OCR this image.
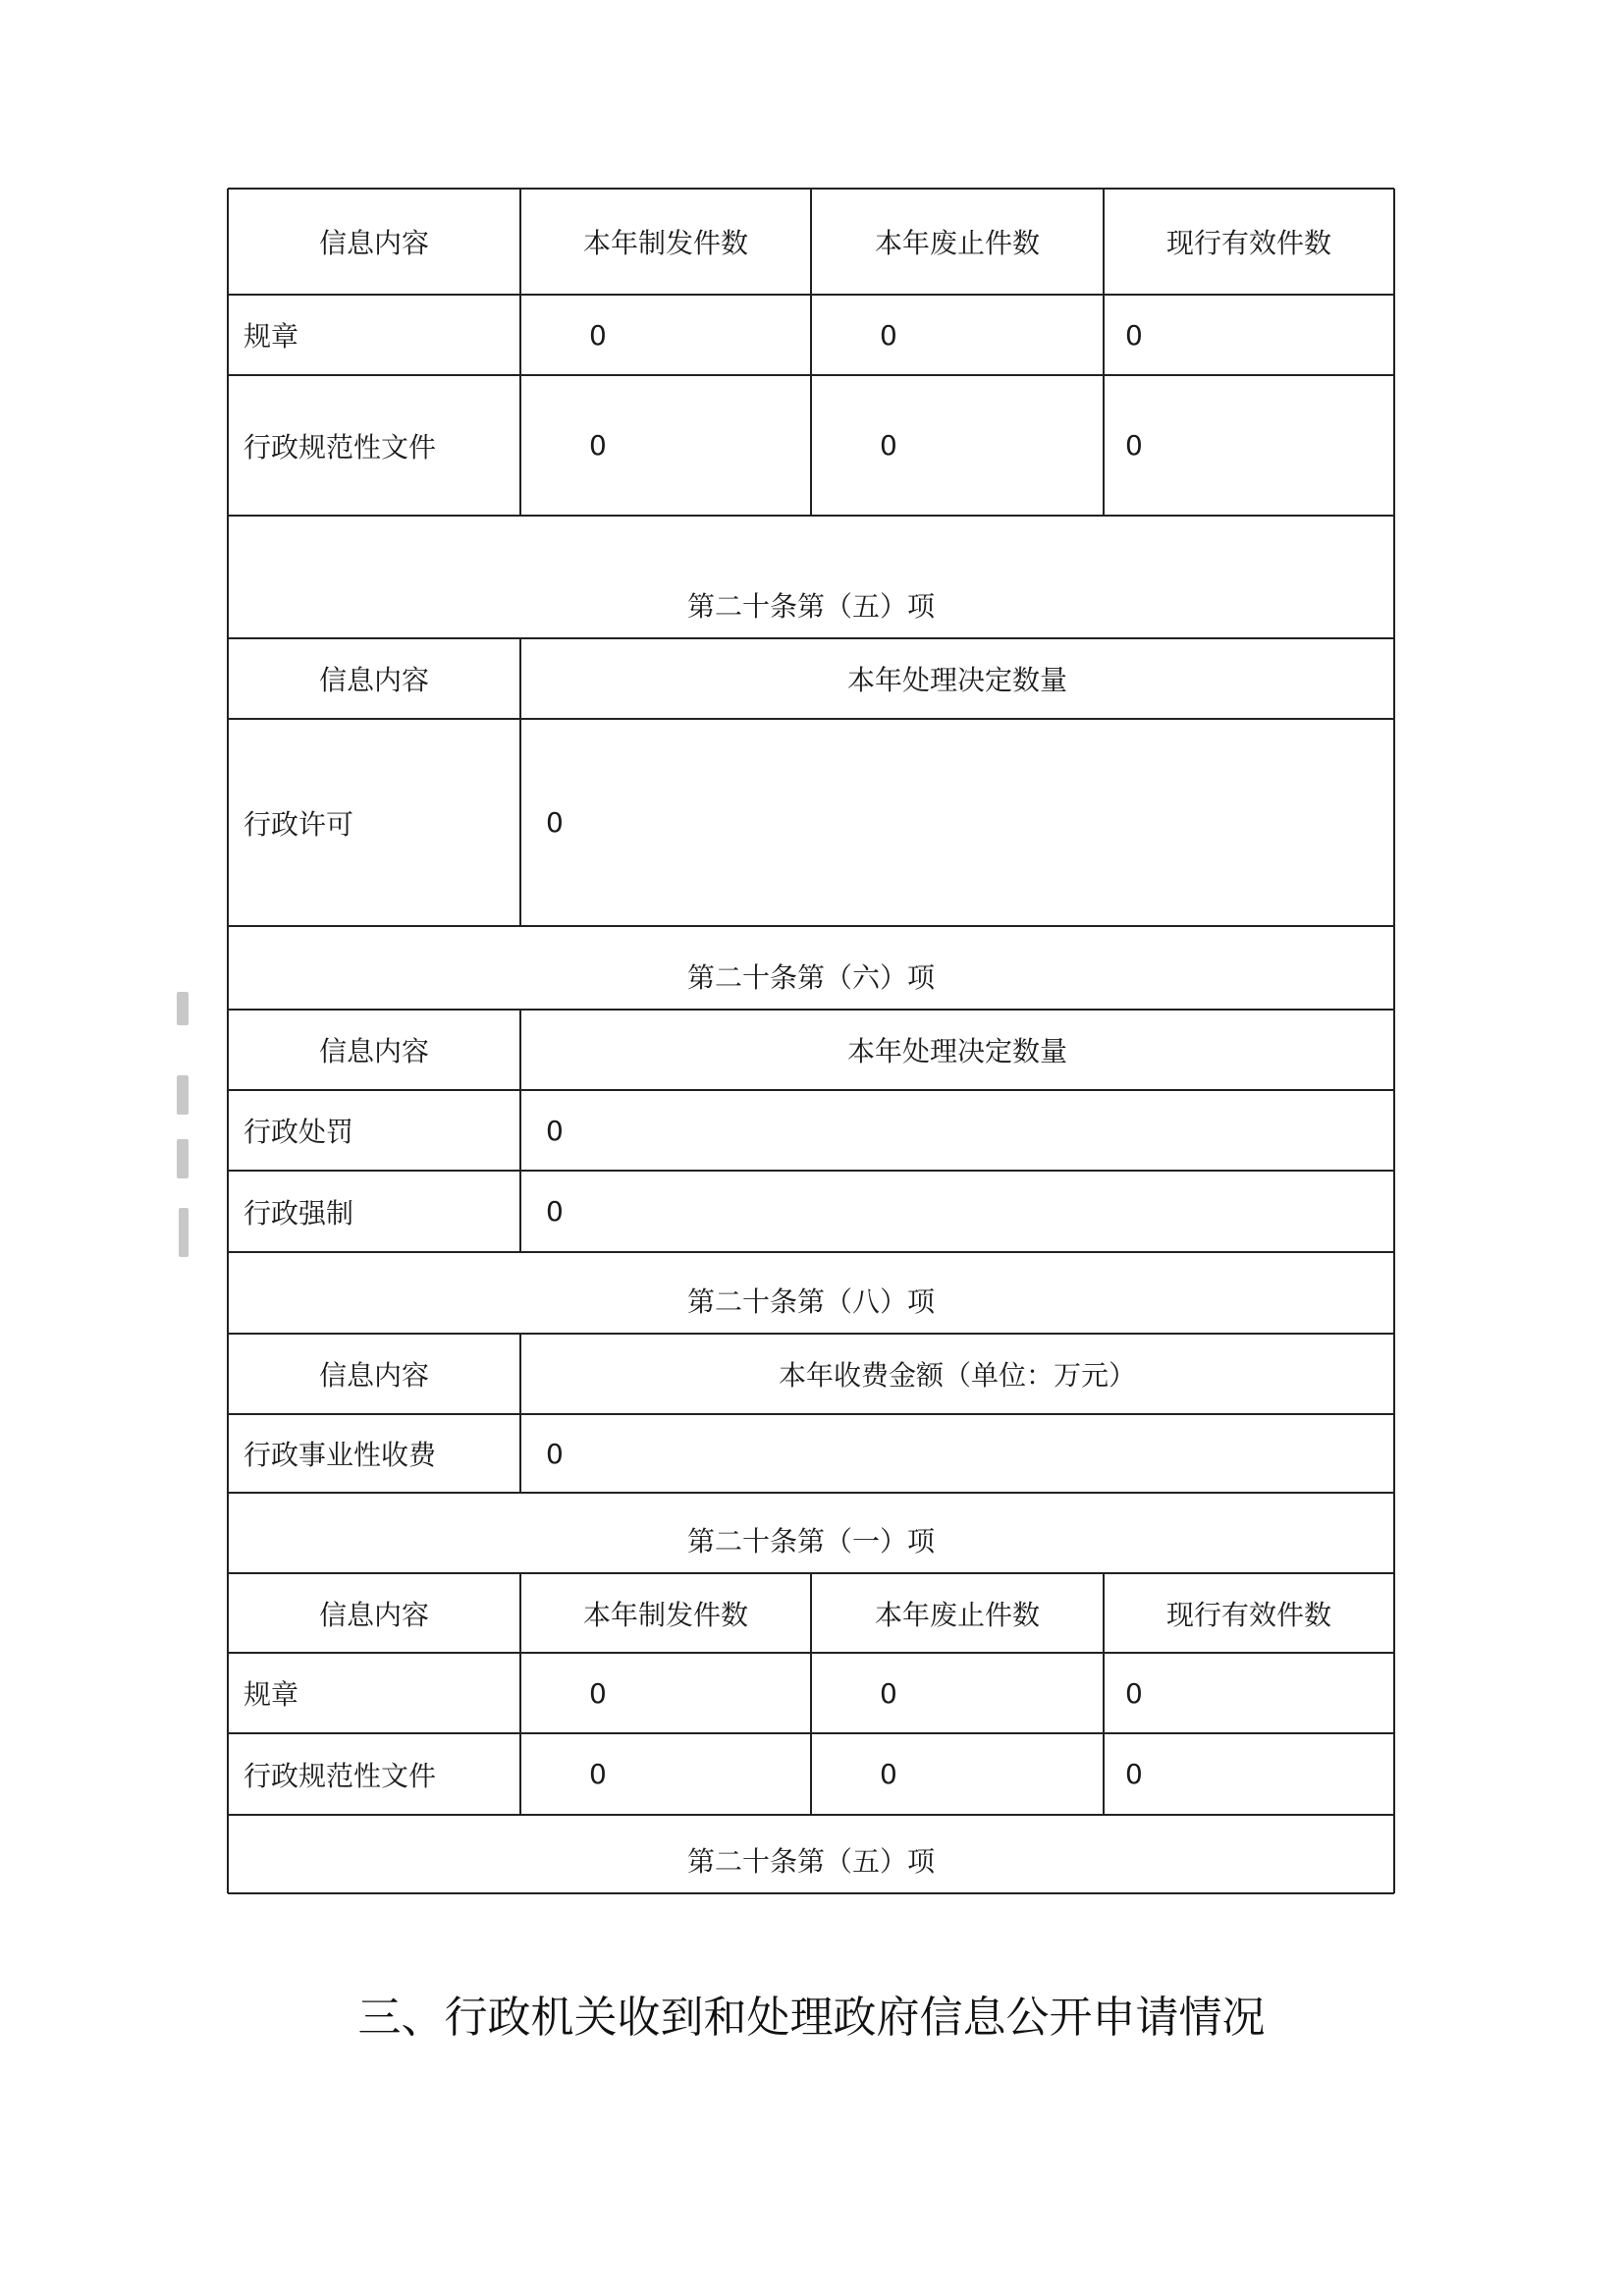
信息内容	本年制发件数	本年废止件数	现行有效件数
规章	0	0	0
行政规范性文件	0	0	0
第二十条第（五）项
信息内容	本年处理决定数量
行政许可	0
第二十条第（六）项
信息内容	本年处理决定数量
行政处罚	0
行政强制	0
第二十条第（八）项
信息内容	本年收费金额（单位：万元）
行政事业性收费	0
第二十条第（一）项
信息内容	本年制发件数	本年废止件数	现行有效件数
规章	0	0	0
行政规范性文件	0	0	0
第二十条第（五）项
三、行政机关收到和处理政府信息公开申请情况
